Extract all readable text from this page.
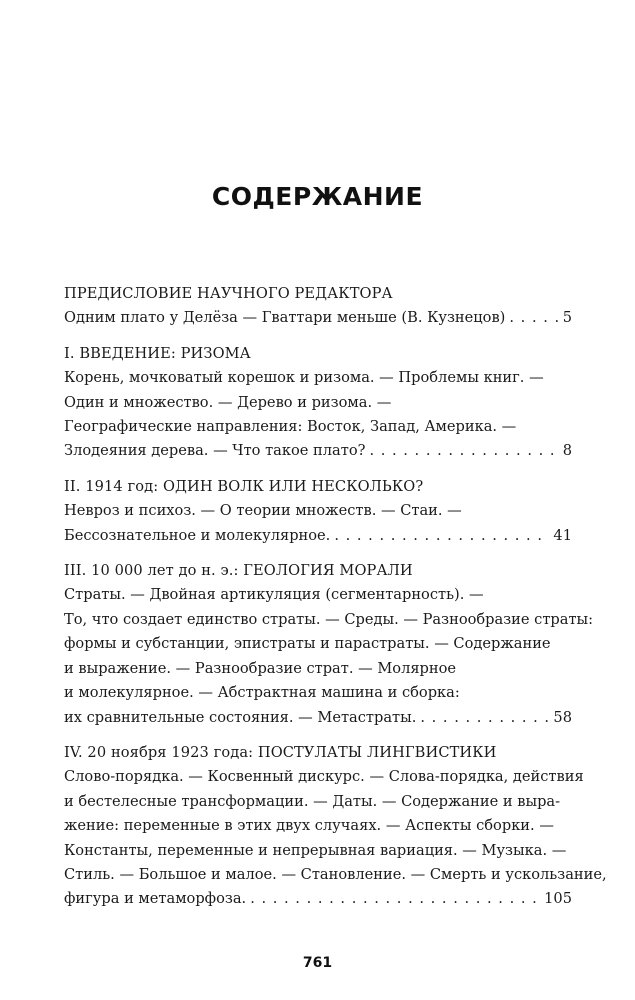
СОДЕРЖАНИЕ
ПРЕДИСЛОВИЕ НАУЧНОГО РЕДАКТОРА
Одним плато у Делёза — Гваттари меньше (В. Кузнецов) . . .	5
I. ВВЕДЕНИЕ: РИЗОМА
Корень, мочковатый корешок и ризома. — Проблемы книг. —
Один и множество. — Дерево и ризома. —
Географические направления: Восток, Запад, Америка. —
Злодеяния дерева. — Что такое плато? . . .	8
II. 1914 год: ОДИН ВОЛК ИЛИ НЕСКОЛЬКО?
Невроз и психоз. — О теории множеств. — Стаи. —
Бессознательное и молекулярное. . . .	41
III. 10 000 лет до н. э.: ГЕОЛОГИЯ МОРАЛИ
Страты. — Двойная артикуляция (сегментарность). —
То, что создает единство страты. — Среды. — Разнообразие страты:
формы и субстанции, эпистраты и парастраты. — Содержание
и выражение. — Разнообразие страт. — Молярное
и молекулярное. — Абстрактная машина и сборка:
их сравнительные состояния. — Метастраты. . . .	58
IV. 20 ноября 1923 года: ПОСТУЛАТЫ ЛИНГВИСТИКИ
Слово-порядка. — Косвенный дискурс. — Слова-порядка, действия
и бестелесные трансформации. — Даты. — Содержание и выра-
жение: переменные в этих двух случаях. — Аспекты сборки. —
Константы, переменные и непрерывная вариация. — Музыка. —
Стиль. — Большое и малое. — Становление. — Смерть и ускользание,
фигура и метаморфоза. . . .	105
761
